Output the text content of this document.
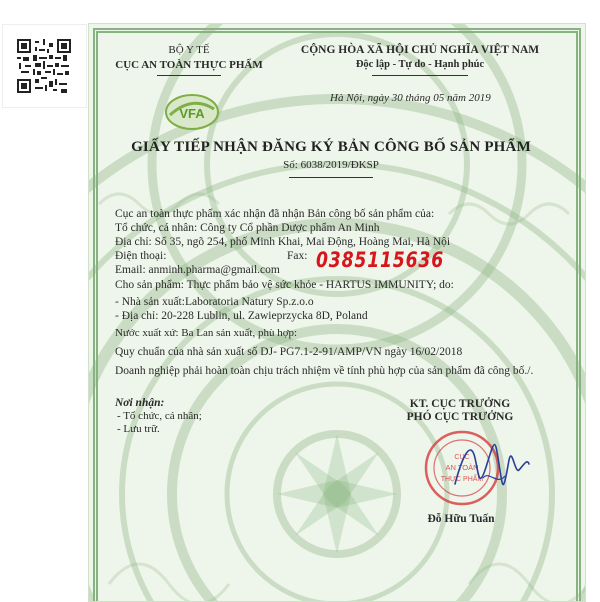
BỘ Y TẾ
CỤC AN TOÀN THỰC PHẨM
VFA
CỘNG HÒA XÃ HỘI CHỦ NGHĨA VIỆT NAM
Độc lập - Tự do - Hạnh phúc
Hà Nội, ngày 30 tháng 05 năm 2019
GIẤY TIẾP NHẬN ĐĂNG KÝ BẢN CÔNG BỐ SẢN PHẨM
Số: 6038/2019/ĐKSP
Cục an toàn thực phẩm xác nhận đã nhận Bản công bố sản phẩm của:
Tổ chức, cá nhân: Công ty Cổ phần Dược phẩm An Minh
Địa chỉ: Số 35, ngõ 254, phố Minh Khai, Mai Động, Hoàng Mai, Hà Nội
Điện thoại:	Fax: 0385115636
Email: anminh.pharma@gmail.com
Cho sản phẩm: Thực phẩm bảo vệ sức khỏe - HARTUS IMMUNITY; do:
- Nhà sản xuất:Laboratoria Natury Sp.z.o.o
- Địa chỉ: 20-228 Lublin, ul. Zawieprzycka 8D, Poland
Nước xuất xứ: Ba Lan sản xuất, phù hợp:
Quy chuẩn của nhà sản xuất số DJ- PG7.1-2-91/AMP/VN ngày 16/02/2018
Doanh nghiệp phải hoàn toàn chịu trách nhiệm về tính phù hợp của sản phẩm đã công bố./.
Nơi nhận:
- Tổ chức, cá nhân;
- Lưu trữ.
KT. CỤC TRƯỞNG
PHÓ CỤC TRƯỞNG
CỤC
AN TOÀN
THỰC PHẨM
Đỗ Hữu Tuấn
